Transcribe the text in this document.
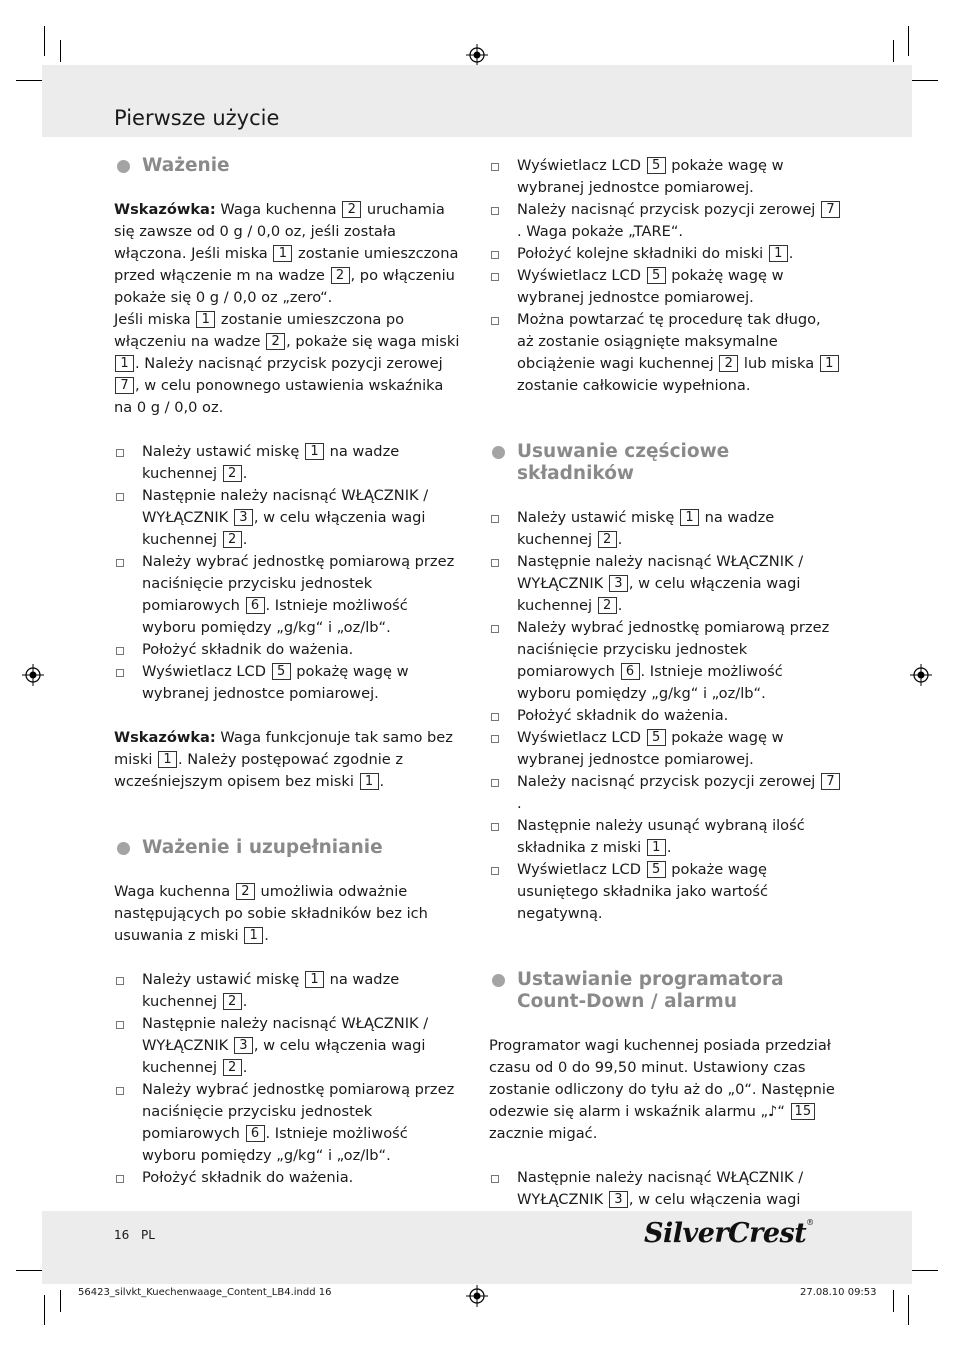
Pierwsze użycie
Ważenie

Wskazówka: Waga kuchenna 2 uruchamia się zawsze od 0 g / 0,0 oz, jeśli została włączona. Jeśli miska 1 zostanie umieszczona przed włączenie m na wadze 2 , po włączeniu pokaże się 0 g / 0,0 oz „zero“.

Jeśli miska 1 zostanie umieszczona po włączeniu na wadze 2 , pokaże się waga miski 1 . Należy nacisnąć przycisk pozycji zerowej 7 , w celu ponownego ustawienia wskaźnika na 0 g / 0,0 oz.

Należy ustawić miskę 1 na wadze kuchennej 2 .
Następnie należy nacisnąć WŁĄCZNIK / WYŁĄCZNIK 3 , w celu włączenia wagi kuchennej 2 .
Należy wybrać jednostkę pomiarową przez naciśnięcie przycisku jednostek pomiarowych 6 . Istnieje możliwość wyboru pomiędzy „g/kg“ i „oz/lb“.
Położyć składnik do ważenia.
Wyświetlacz LCD 5 pokażę wagę w wybranej jednostce pomiarowej.

Wskazówka: Waga funkcjonuje tak samo bez miski 1 . Należy postępować zgodnie z wcześniejszym opisem bez miski 1 .

Ważenie i uzupełnianie

Waga kuchenna 2 umożliwia odważnie następujących po sobie składników bez ich usuwania z miski 1 .

Należy ustawić miskę 1 na wadze kuchennej 2 .
Następnie należy nacisnąć WŁĄCZNIK / WYŁĄCZNIK 3 , w celu włączenia wagi kuchennej 2 .
Należy wybrać jednostkę pomiarową przez naciśnięcie przycisku jednostek pomiarowych 6 . Istnieje możliwość wyboru pomiędzy „g/kg“ i „oz/lb“.
Położyć składnik do ważenia.
Wyświetlacz LCD 5 pokaże wagę w wybranej jednostce pomiarowej.
Należy nacisnąć przycisk pozycji zerowej 7. Waga pokaże „TARE“.
Położyć kolejne składniki do miski 1 .
Wyświetlacz LCD 5 pokażę wagę w wybranej jednostce pomiarowej.
Można powtarzać tę procedurę tak długo, aż zostanie osiągnięte maksymalne obciążenie wagi kuchennej 2 lub miska 1 zostanie całkowicie wypełniona.
Usuwanie częściowe
składników
Należy ustawić miskę 1 na wadze kuchennej 2 .
Następnie należy nacisnąć WŁĄCZNIK / WYŁĄCZNIK 3 , w celu włączenia wagi kuchennej 2 .
Należy wybrać jednostkę pomiarową przez naciśnięcie przycisku jednostek pomiarowych 6 . Istnieje możliwość wyboru pomiędzy „g/kg“ i „oz/lb“.
Położyć składnik do ważenia.
Wyświetlacz LCD 5 pokaże wagę w wybranej jednostce pomiarowej.
Należy nacisnąć przycisk pozycji zerowej 7.
Następnie należy usunąć wybraną ilość składnika z miski 1 .
Wyświetlacz LCD 5 pokaże wagę usuniętego składnika jako wartość negatywną.
Ustawianie programatora
Count-Down / alarmu

Programator wagi kuchennej posiada przedział czasu od 0 do 99,50 minut. Ustawiony czas zostanie odliczony do tyłu aż do „0“. Następnie odezwie się alarm i wskaźnik alarmu „♪“ 15 zacznie migać.

Następnie należy nacisnąć WŁĄCZNIK / WYŁĄCZNIK 3 , w celu włączenia wagi
16 PL	SilverCrest®
56423_silvkt_Kuechenwaage_Content_LB4.indd 16	27.08.10 09:53
